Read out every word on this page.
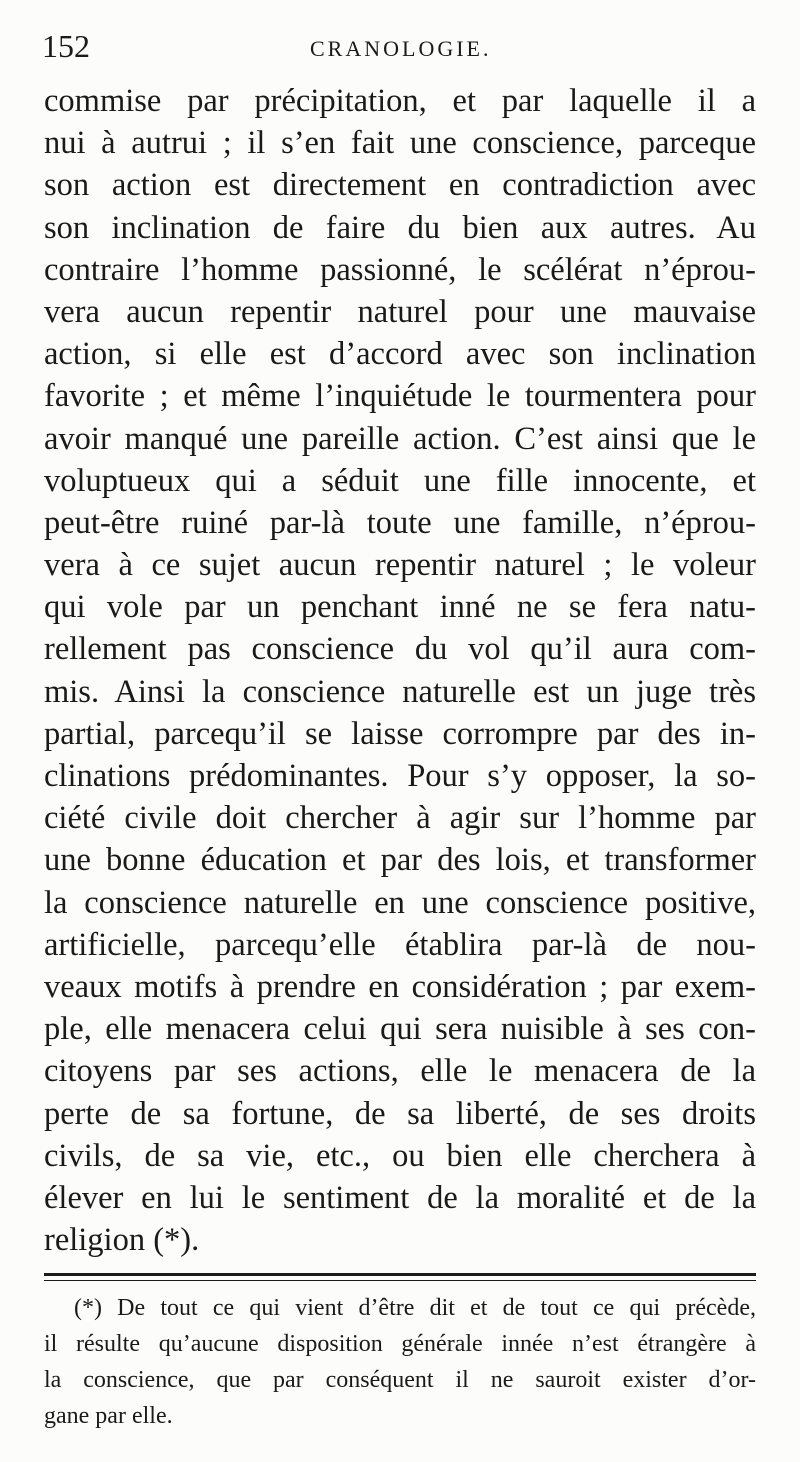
152	CRANOLOGIE.
commise par précipitation, et par laquelle il a
nui à autrui ; il s’en fait une conscience, parceque
son action est directement en contradiction avec
son inclination de faire du bien aux autres. Au
contraire l’homme passionné, le scélérat n’éprou-
vera aucun repentir naturel pour une mauvaise
action, si elle est d’accord avec son inclination
favorite ; et même l’inquiétude le tourmentera pour
avoir manqué une pareille action. C’est ainsi que le
voluptueux qui a séduit une fille innocente, et
peut-être ruiné par-là toute une famille, n’éprou-
vera à ce sujet aucun repentir naturel ; le voleur
qui vole par un penchant inné ne se fera natu-
rellement pas conscience du vol qu’il aura com-
mis. Ainsi la conscience naturelle est un juge très
partial, parcequ’il se laisse corrompre par des in-
clinations prédominantes. Pour s’y opposer, la so-
ciété civile doit chercher à agir sur l’homme par
une bonne éducation et par des lois, et transformer
la conscience naturelle en une conscience positive,
artificielle, parcequ’elle établira par-là de nou-
veaux motifs à prendre en considération ; par exem-
ple, elle menacera celui qui sera nuisible à ses con-
citoyens par ses actions, elle le menacera de la
perte de sa fortune, de sa liberté, de ses droits
civils, de sa vie, etc., ou bien elle cherchera à
élever en lui le sentiment de la moralité et de la
religion (*).
(*) De tout ce qui vient d’être dit et de tout ce qui précède,
il résulte qu’aucune disposition générale innée n’est étrangère à
la conscience, que par conséquent il ne sauroit exister d’or-
gane par elle.
